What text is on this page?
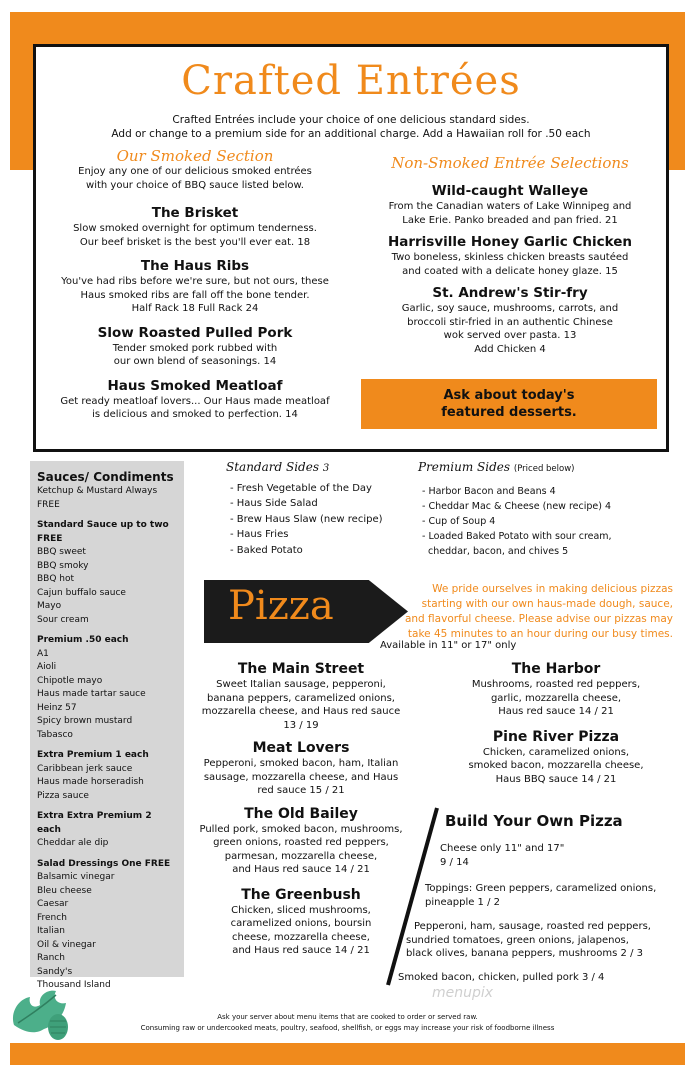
Crafted Entrées
Crafted Entrées include your choice of one delicious standard sides.
Add or change to a premium side for an additional charge. Add a Hawaiian roll for .50 each
Our Smoked Section
Enjoy any one of our delicious smoked entrées
with your choice of BBQ sauce listed below.
The Brisket
Slow smoked overnight for optimum tenderness.
Our beef brisket is the best you'll ever eat. 18
The Haus Ribs
You've had ribs before we're sure, but not ours, these
Haus smoked ribs are fall off the bone tender.
Half Rack 18 Full Rack 24
Slow Roasted Pulled Pork
Tender smoked pork rubbed with
our own blend of seasonings. 14
Haus Smoked Meatloaf
Get ready meatloaf lovers... Our Haus made meatloaf
is delicious and smoked to perfection. 14
Non-Smoked Entrée Selections
Wild-caught Walleye
From the Canadian waters of Lake Winnipeg and
Lake Erie. Panko breaded and pan fried. 21
Harrisville Honey Garlic Chicken
Two boneless, skinless chicken breasts sautéed
and coated with a delicate honey glaze. 15
St. Andrew's Stir-fry
Garlic, soy sauce, mushrooms, carrots, and
broccoli stir-fried in an authentic Chinese
wok served over pasta. 13
Add Chicken 4
Ask about today's
featured desserts.
Sauces/ Condiments
Ketchup & Mustard Always FREE
Standard Sauce up to two FREE
BBQ sweet
BBQ smoky
BBQ hot
Cajun buffalo sauce
Mayo
Sour cream
Premium .50 each
A1
Aioli
Chipotle mayo
Haus made tartar sauce
Heinz 57
Spicy brown mustard
Tabasco
Extra Premium 1 each
Caribbean jerk sauce
Haus made horseradish
Pizza sauce
Extra Extra Premium 2 each
Cheddar ale dip
Salad Dressings One FREE
Balsamic vinegar
Bleu cheese
Caesar
French
Italian
Oil & vinegar
Ranch
Sandy's
Thousand Island
Standard Sides 3
- Fresh Vegetable of the Day
- Haus Side Salad
- Brew Haus Slaw (new recipe)
- Haus Fries
- Baked Potato
Premium Sides (Priced below)
- Harbor Bacon and Beans 4
- Cheddar Mac & Cheese (new recipe) 4
- Cup of Soup 4
- Loaded Baked Potato with sour cream,
cheddar, bacon, and chives 5
Pizza	We pride ourselves in making delicious pizzas
starting with our own haus-made dough, sauce,
and flavorful cheese. Please advise our pizzas may
take 45 minutes to an hour during our busy times.
Available in 11" or 17" only
The Main Street
Sweet Italian sausage, pepperoni,
banana peppers, caramelized onions,
mozzarella cheese, and Haus red sauce
13 / 19
Meat Lovers
Pepperoni, smoked bacon, ham, Italian
sausage, mozzarella cheese, and Haus
red sauce 15 / 21
The Old Bailey
Pulled pork, smoked bacon, mushrooms,
green onions, roasted red peppers,
parmesan, mozzarella cheese,
and Haus red sauce 14 / 21
The Greenbush
Chicken, sliced mushrooms,
caramelized onions, boursin
cheese, mozzarella cheese,
and Haus red sauce 14 / 21
The Harbor
Mushrooms, roasted red peppers,
garlic, mozzarella cheese,
Haus red sauce 14 / 21
Pine River Pizza
Chicken, caramelized onions,
smoked bacon, mozzarella cheese,
Haus BBQ sauce 14 / 21
Build Your Own Pizza
Cheese only 11" and 17"
9 / 14
Toppings: Green peppers, caramelized onions,
pineapple 1 / 2
Pepperoni, ham, sausage, roasted red peppers,
sundried tomatoes, green onions, jalapenos,
black olives, banana peppers, mushrooms 2 / 3
Smoked bacon, chicken, pulled pork 3 / 4
menupix
Ask your server about menu items that are cooked to order or served raw.
Consuming raw or undercooked meats, poultry, seafood, shellfish, or eggs may increase your risk of foodborne illness
